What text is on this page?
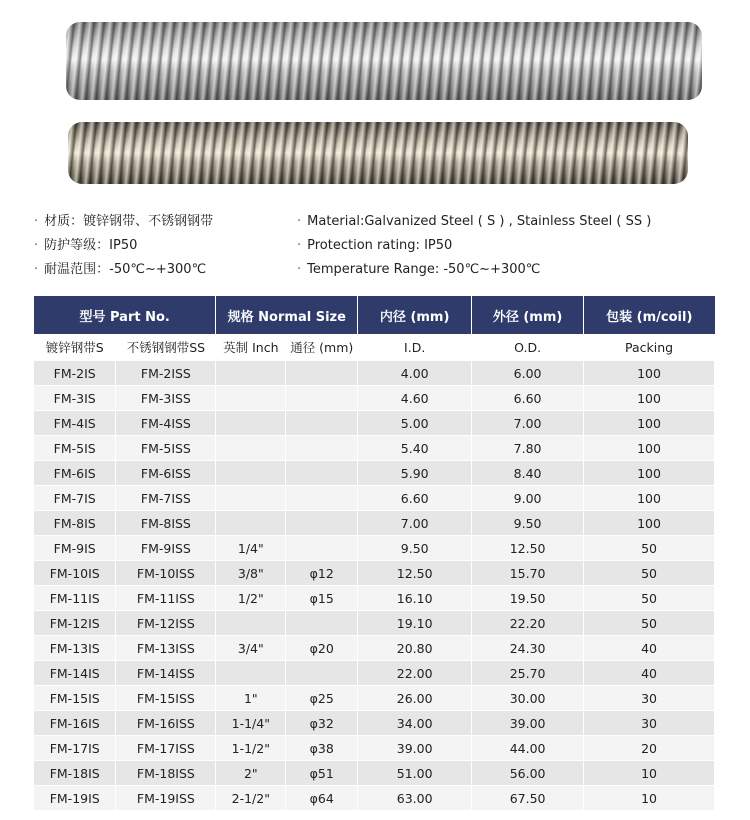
· 材质：镀锌钢带、不锈钢钢带
· 防护等级：IP50
· 耐温范围：-50℃~+300℃
· Material:Galvanized Steel ( S ) , Stainless Steel ( SS )
· Protection rating: IP50
· Temperature Range: -50℃~+300℃
型号 Part No.		规格 Normal Size		内径 (mm)	外径 (mm)	包装 (m/coil)
镀锌钢带S	不锈钢钢带SS	英制 Inch	通径 (mm)	I.D.	O.D.	Packing
FM-2IS	FM-2ISS			4.00	6.00	100
FM-3IS	FM-3ISS			4.60	6.60	100
FM-4IS	FM-4ISS			5.00	7.00	100
FM-5IS	FM-5ISS			5.40	7.80	100
FM-6IS	FM-6ISS			5.90	8.40	100
FM-7IS	FM-7ISS			6.60	9.00	100
FM-8IS	FM-8ISS			7.00	9.50	100
FM-9IS	FM-9ISS	1/4"		9.50	12.50	50
FM-10IS	FM-10ISS	3/8"	φ12	12.50	15.70	50
FM-11IS	FM-11ISS	1/2"	φ15	16.10	19.50	50
FM-12IS	FM-12ISS			19.10	22.20	50
FM-13IS	FM-13ISS	3/4"	φ20	20.80	24.30	40
FM-14IS	FM-14ISS			22.00	25.70	40
FM-15IS	FM-15ISS	1"	φ25	26.00	30.00	30
FM-16IS	FM-16ISS	1-1/4"	φ32	34.00	39.00	30
FM-17IS	FM-17ISS	1-1/2"	φ38	39.00	44.00	20
FM-18IS	FM-18ISS	2"	φ51	51.00	56.00	10
FM-19IS	FM-19ISS	2-1/2"	φ64	63.00	67.50	10
